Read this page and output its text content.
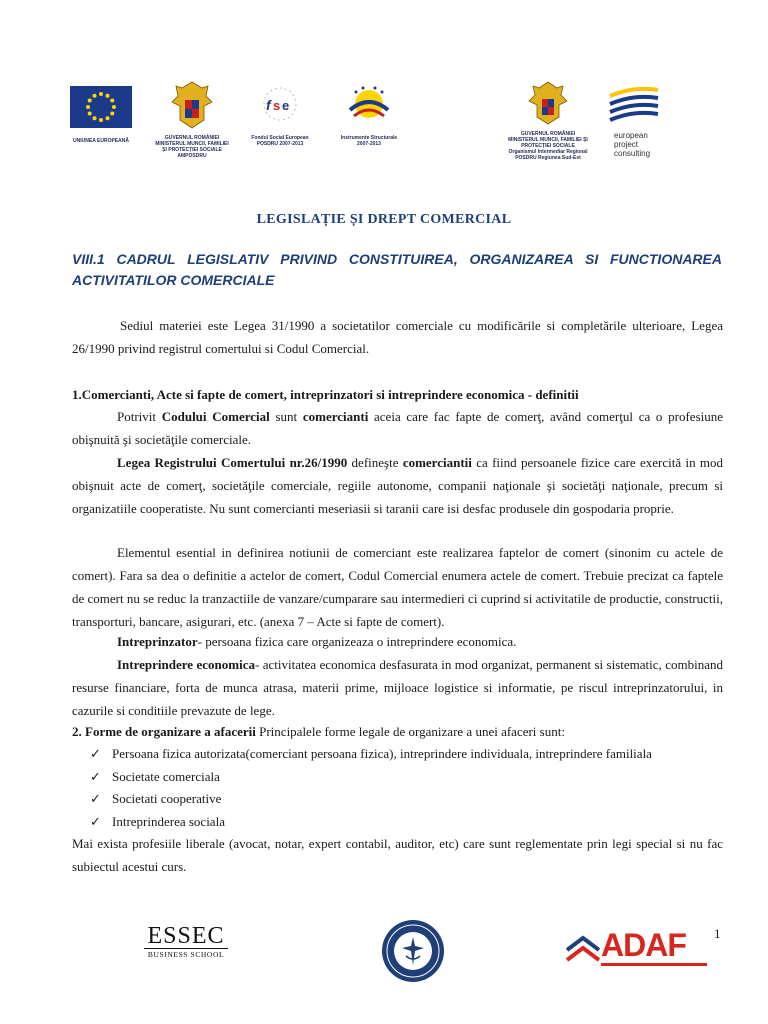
UNIUNEA EUROPEANĂ	GUVERNUL ROMÂNIEI
MINISTERUL MUNCII, FAMILIEI
ȘI PROTECȚIEI SOCIALE
AMPOSDRU
f s e
Fondul Social European
POSDRU 2007-2013
Instrumente Structurale
2007-2013
GUVERNUL ROMÂNIEI
MINISTERUL MUNCII, FAMILIEI ȘI
PROTECȚIEI SOCIALE
Organismul Intermediar Regional
POSDRU Regiunea Sud-Est
european
project
consulting
LEGISLAȚIE ȘI DREPT COMERCIAL
VIII.1 CADRUL LEGISLATIV PRIVIND CONSTITUIREA, ORGANIZAREA SI FUNCTIONAREA ACTIVITATILOR COMERCIALE

Sediul materiei este Legea 31/1990 a societatilor comerciale cu modificările si completările ulterioare, Legea 26/1990 privind registrul comertului si Codul Comercial.

1.Comercianti, Acte si fapte de comert, intreprinzatori si intreprindere economica - definitii

Potrivit Codului Comercial sunt comercianti aceia care fac fapte de comerţ, având comerţul ca o profesiune obişnuită şi societăţile comerciale.

Legea Registrului Comertului nr.26/1990 defineşte comerciantii ca fiind persoanele fizice care exercită in mod obişnuit acte de comerţ, societăţile comerciale, regiile autonome, companii naţionale şi societăţi naţionale, precum si organizatiile cooperatiste. Nu sunt comercianti meseriasii si taranii care isi desfac produsele din gospodaria proprie.

Elementul esential in definirea notiunii de comerciant este realizarea faptelor de comert (sinonim cu actele de comert). Fara sa dea o definitie a actelor de comert, Codul Comercial enumera actele de comert. Trebuie precizat ca faptele de comert nu se reduc la tranzactiile de vanzare/cumparare sau intermedieri ci cuprind si activitatile de productie, constructii, transporturi, bancare, asigurari, etc. (anexa 7 – Acte si fapte de comert).

Intreprinzator- persoana fizica care organizeaza o intreprindere economica.

Intreprindere economica- activitatea economica desfasurata in mod organizat, permanent si sistematic, combinand resurse financiare, forta de munca atrasa, materii prime, mijloace logistice si informatie, pe riscul intreprinzatorului, in cazurile si conditiile prevazute de lege.

2. Forme de organizare a afacerii Principalele forme legale de organizare a unei afaceri sunt:
✓ Persoana fizica autorizata(comerciant persoana fizica), intreprindere individuala, intreprindere familiala
✓ Societate comerciala
✓ Societati cooperative
✓ Intreprinderea sociala

Mai exista profesiile liberale (avocat, notar, expert contabil, auditor, etc) care sunt reglementate prin legi special si nu fac subiectul acestui curs.

ESSEC
BUSINESS SCHOOL	ADAF 1
